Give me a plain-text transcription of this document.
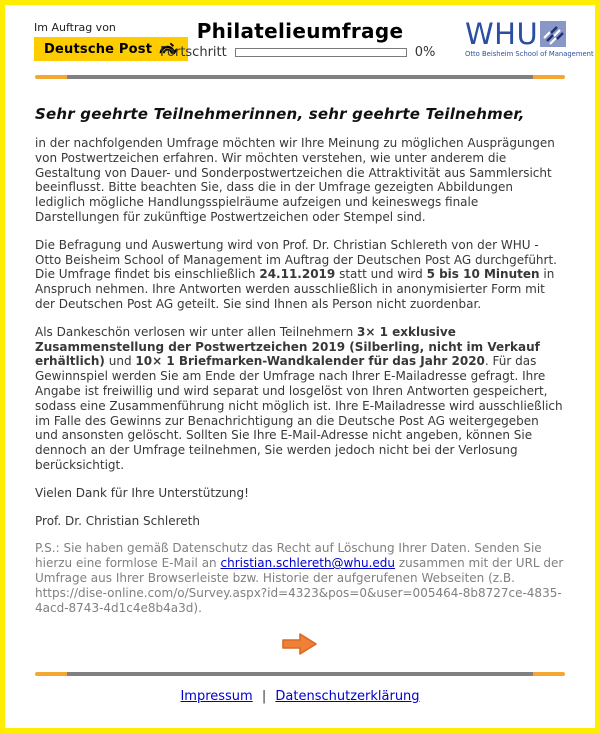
Im Auftrag von
Deutsche Post
Philatelieumfrage
Fortschritt	0%
WHU
Otto Beisheim School of Management
Sehr geehrte Teilnehmerinnen, sehr geehrte Teilnehmer,

in der nachfolgenden Umfrage möchten wir Ihre Meinung zu möglichen Ausprägungen von Postwertzeichen erfahren. Wir möchten verstehen, wie unter anderem die Gestaltung von Dauer- und Sonderpostwertzeichen die Attraktivität aus Sammlersicht beeinflusst. Bitte beachten Sie, dass die in der Umfrage gezeigten Abbildungen lediglich mögliche Handlungsspielräume aufzeigen und keineswegs finale Darstellungen für zukünftige Postwertzeichen oder Stempel sind.

Die Befragung und Auswertung wird von Prof. Dr. Christian Schlereth von der WHU - Otto Beisheim School of Management im Auftrag der Deutschen Post AG durchgeführt. Die Umfrage findet bis einschließlich 24.11.2019 statt und wird 5 bis 10 Minuten in Anspruch nehmen. Ihre Antworten werden ausschließlich in anonymisierter Form mit der Deutschen Post AG geteilt. Sie sind Ihnen als Person nicht zuordenbar.

Als Dankeschön verlosen wir unter allen Teilnehmern 3× 1 exklusive Zusammenstellung der Postwertzeichen 2019 (Silberling, nicht im Verkauf erhältlich) und 10× 1 Briefmarken-Wandkalender für das Jahr 2020. Für das Gewinnspiel werden Sie am Ende der Umfrage nach Ihrer E-Mailadresse gefragt. Ihre Angabe ist freiwillig und wird separat und losgelöst von Ihren Antworten gespeichert, sodass eine Zusammenführung nicht möglich ist. Ihre E-Mailadresse wird ausschließlich im Falle des Gewinns zur Benachrichtigung an die Deutsche Post AG weitergegeben und ansonsten gelöscht. Sollten Sie Ihre E-Mail-Adresse nicht angeben, können Sie dennoch an der Umfrage teilnehmen, Sie werden jedoch nicht bei der Verlosung berücksichtigt.

Vielen Dank für Ihre Unterstützung!

Prof. Dr. Christian Schlereth

P.S.: Sie haben gemäß Datenschutz das Recht auf Löschung Ihrer Daten. Senden Sie hierzu eine formlose E-Mail an christian.schlereth@whu.edu zusammen mit der URL der Umfrage aus Ihrer Browserleiste bzw. Historie der aufgerufenen Webseiten (z.B. https://dise-online.com/o/Survey.aspx?id=4323&pos=0&user=005464-8b8727ce-4835-4acd-8743-4d1c4e8b4a3d).

Impressum | Datenschutzerklärung
